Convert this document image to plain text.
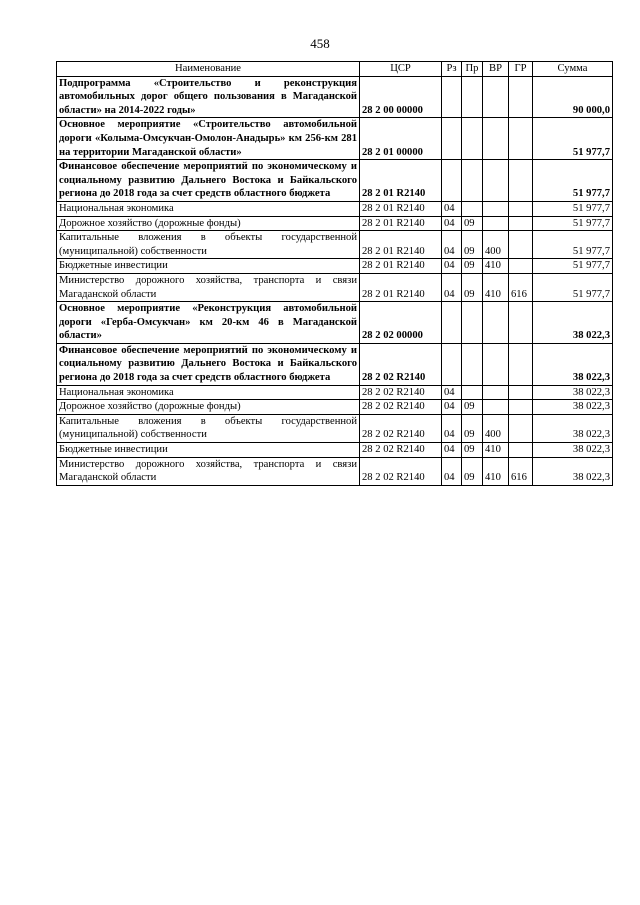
458
Наименование	ЦСР	Рз	Пр	ВР	ГР	Сумма
Подпрограмма «Строительство и реконструкция автомобильных дорог общего пользования в Магаданской области» на 2014-2022 годы»	28 2 00 00000					90 000,0
Основное мероприятие «Строительство автомобильной дороги «Колыма-Омсукчан-Омолон-Анадырь» км 256-км 281 на территории Магаданской области»	28 2 01 00000					51 977,7
Финансовое обеспечение мероприятий по экономическому и социальному развитию Дальнего Востока и Байкальского региона до 2018 года за счет средств областного бюджета	28 2 01 R2140					51 977,7
Национальная экономика	28 2 01 R2140	04				51 977,7
Дорожное хозяйство (дорожные фонды)	28 2 01 R2140	04	09			51 977,7
Капитальные вложения в объекты государственной (муниципальной) собственности	28 2 01 R2140	04	09	400		51 977,7
Бюджетные инвестиции	28 2 01 R2140	04	09	410		51 977,7
Министерство дорожного хозяйства, транспорта и связи Магаданской области	28 2 01 R2140	04	09	410	616	51 977,7
Основное мероприятие «Реконструкция автомобильной дороги «Герба-Омсукчан» км 20-км 46 в Магаданской области»	28 2 02 00000					38 022,3
Финансовое обеспечение мероприятий по экономическому и социальному развитию Дальнего Востока и Байкальского региона до 2018 года за счет средств областного бюджета	28 2 02 R2140					38 022,3
Национальная экономика	28 2 02 R2140	04				38 022,3
Дорожное хозяйство (дорожные фонды)	28 2 02 R2140	04	09			38 022,3
Капитальные вложения в объекты государственной (муниципальной) собственности	28 2 02 R2140	04	09	400		38 022,3
Бюджетные инвестиции	28 2 02 R2140	04	09	410		38 022,3
Министерство дорожного хозяйства, транспорта и связи Магаданской области	28 2 02 R2140	04	09	410	616	38 022,3
